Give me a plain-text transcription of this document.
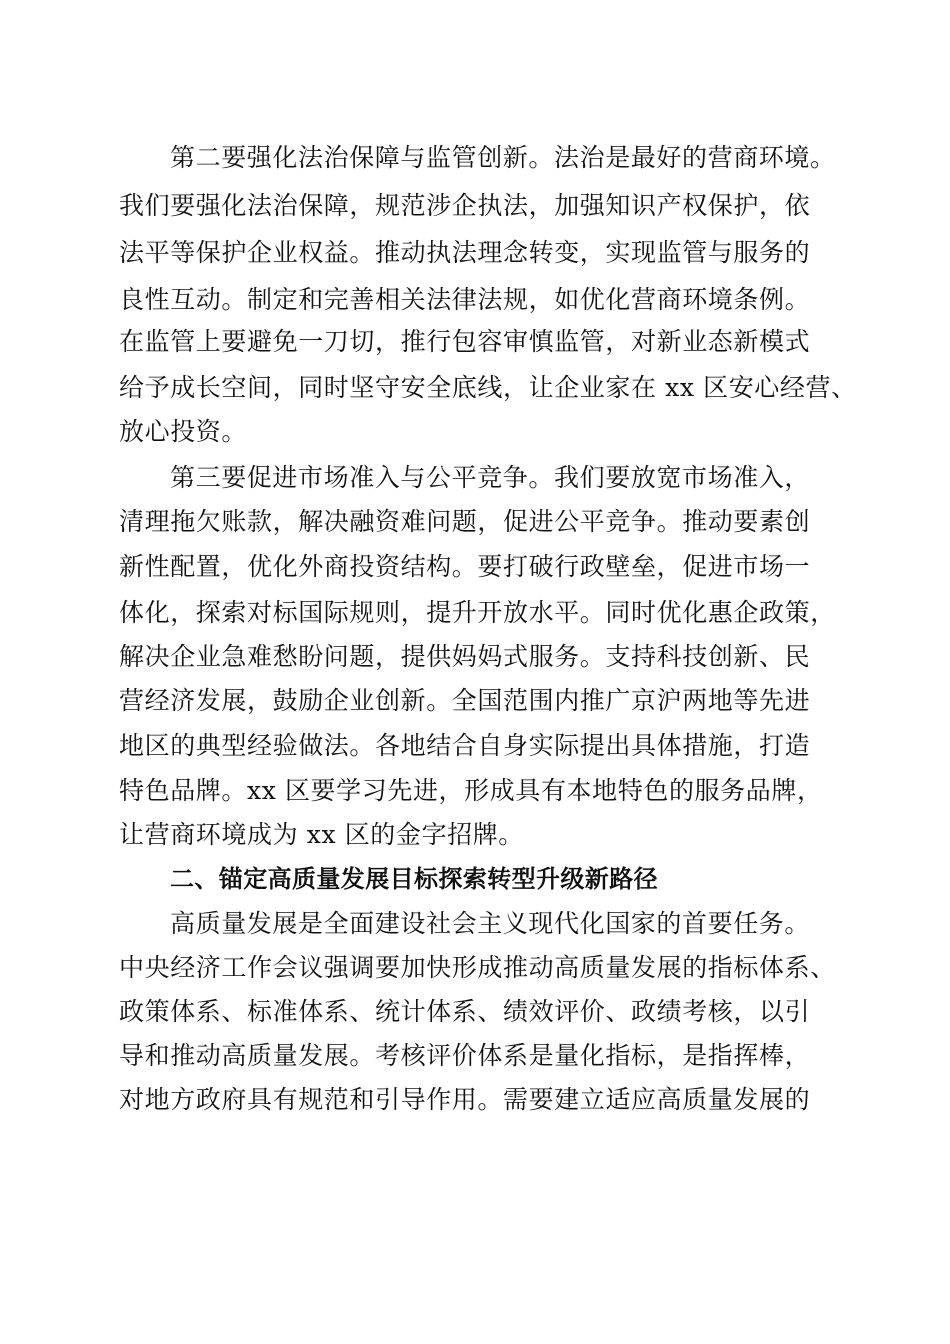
第二要强化法治保障与监管创新。法治是最好的营商环境。
我们要强化法治保障，规范涉企执法，加强知识产权保护，依
法平等保护企业权益。推动执法理念转变，实现监管与服务的
良性互动。制定和完善相关法律法规，如优化营商环境条例。
在监管上要避免一刀切，推行包容审慎监管，对新业态新模式
给予成长空间，同时坚守安全底线，让企业家在 xx 区安心经营、
放心投资。
第三要促进市场准入与公平竞争。我们要放宽市场准入，
清理拖欠账款，解决融资难问题，促进公平竞争。推动要素创
新性配置，优化外商投资结构。要打破行政壁垒，促进市场一
体化，探索对标国际规则，提升开放水平。同时优化惠企政策，
解决企业急难愁盼问题，提供妈妈式服务。支持科技创新、民
营经济发展，鼓励企业创新。全国范围内推广京沪两地等先进
地区的典型经验做法。各地结合自身实际提出具体措施，打造
特色品牌。xx 区要学习先进，形成具有本地特色的服务品牌，
让营商环境成为 xx 区的金字招牌。
二、锚定高质量发展目标探索转型升级新路径
高质量发展是全面建设社会主义现代化国家的首要任务。
中央经济工作会议强调要加快形成推动高质量发展的指标体系、
政策体系、标准体系、统计体系、绩效评价、政绩考核，以引
导和推动高质量发展。考核评价体系是量化指标，是指挥棒，
对地方政府具有规范和引导作用。需要建立适应高质量发展的
